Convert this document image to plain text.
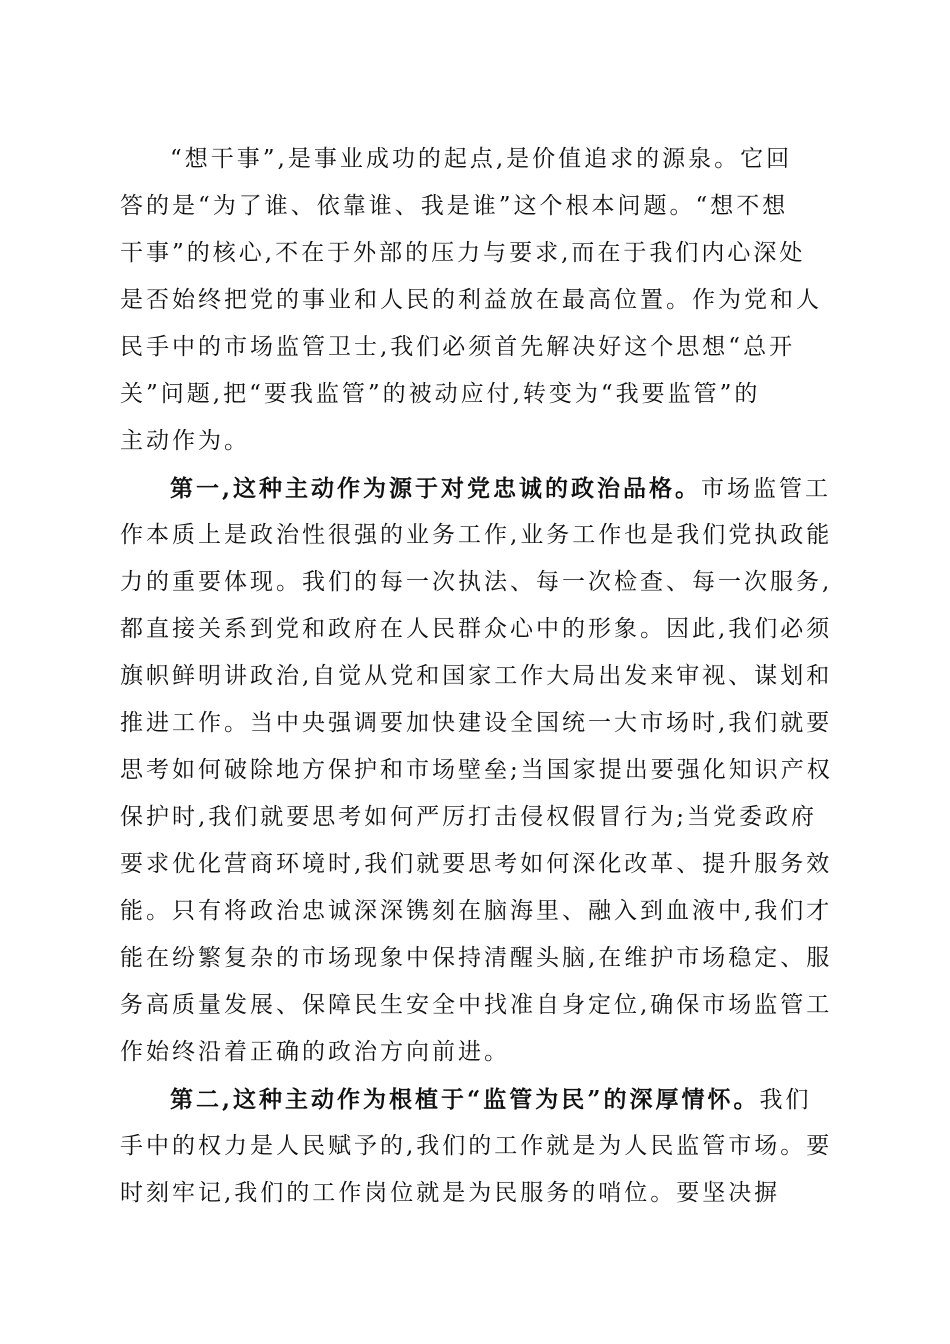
“想干事”,是事业成功的起点,是价值追求的源泉。它回
答的是“为了谁、依靠谁、我是谁”这个根本问题。“想不想
干事”的核心,不在于外部的压力与要求,而在于我们内心深处
是否始终把党的事业和人民的利益放在最高位置。作为党和人
民手中的市场监管卫士,我们必须首先解决好这个思想“总开
关”问题,把“要我监管”的被动应付,转变为“我要监管”的
主动作为。
第一,这种主动作为源于对党忠诚的政治品格。市场监管工
作本质上是政治性很强的业务工作,业务工作也是我们党执政能
力的重要体现。我们的每一次执法、每一次检查、每一次服务,
都直接关系到党和政府在人民群众心中的形象。因此,我们必须
旗帜鲜明讲政治,自觉从党和国家工作大局出发来审视、谋划和
推进工作。当中央强调要加快建设全国统一大市场时,我们就要
思考如何破除地方保护和市场壁垒;当国家提出要强化知识产权
保护时,我们就要思考如何严厉打击侵权假冒行为;当党委政府
要求优化营商环境时,我们就要思考如何深化改革、提升服务效
能。只有将政治忠诚深深镌刻在脑海里、融入到血液中,我们才
能在纷繁复杂的市场现象中保持清醒头脑,在维护市场稳定、服
务高质量发展、保障民生安全中找准自身定位,确保市场监管工
作始终沿着正确的政治方向前进。
第二,这种主动作为根植于“监管为民”的深厚情怀。我们
手中的权力是人民赋予的,我们的工作就是为人民监管市场。要
时刻牢记,我们的工作岗位就是为民服务的哨位。要坚决摒
